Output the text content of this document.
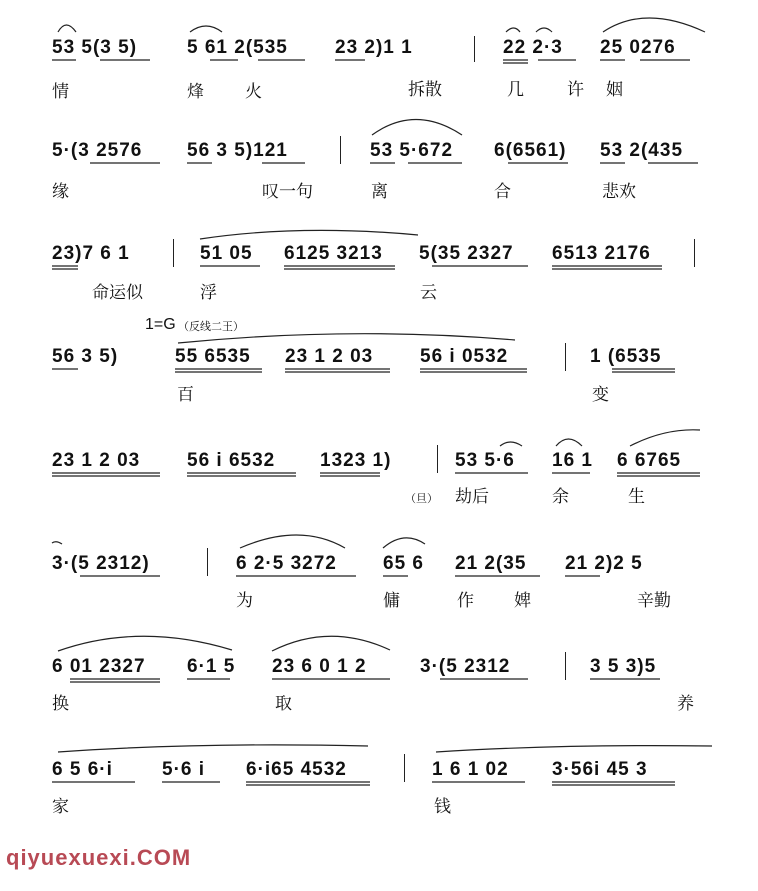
53 5(3 5)	5 61 2(535 23 2)1 1	22 2·3 25 0276
情	烽 火	拆散	几	许 姻
5·(3 2576 56 3 5)121	53 5·672 6(6561) 53 2(435
缘	叹一句	离	合	悲欢
23)7 6 1	51 05 6125 3213 5(35 2327 6513 2176
命运似	浮	云
1=G （反线二王）
56 3 5)	55 6535 23 1 2 03 56 i 0532	1 (6535
百	变
23 1 2 03 56 i 6532 1323 1)	53 5·6 16 1 6 6765
（旦） 劫后	余	生
3·(5 2312)	6 2·5 3272 65 6 21 2(35 21 2)2 5
为	傭	作 婢	辛勤
6 01 2327 6·1 5 23 6 0 1 2	3·(5 2312	3 5 3)5
换	取	养
6 5 6·i	5·6 i 6·i65 4532	1 6 1 02 3·56i 45 3
家	钱
qiyuexuexi.COM
